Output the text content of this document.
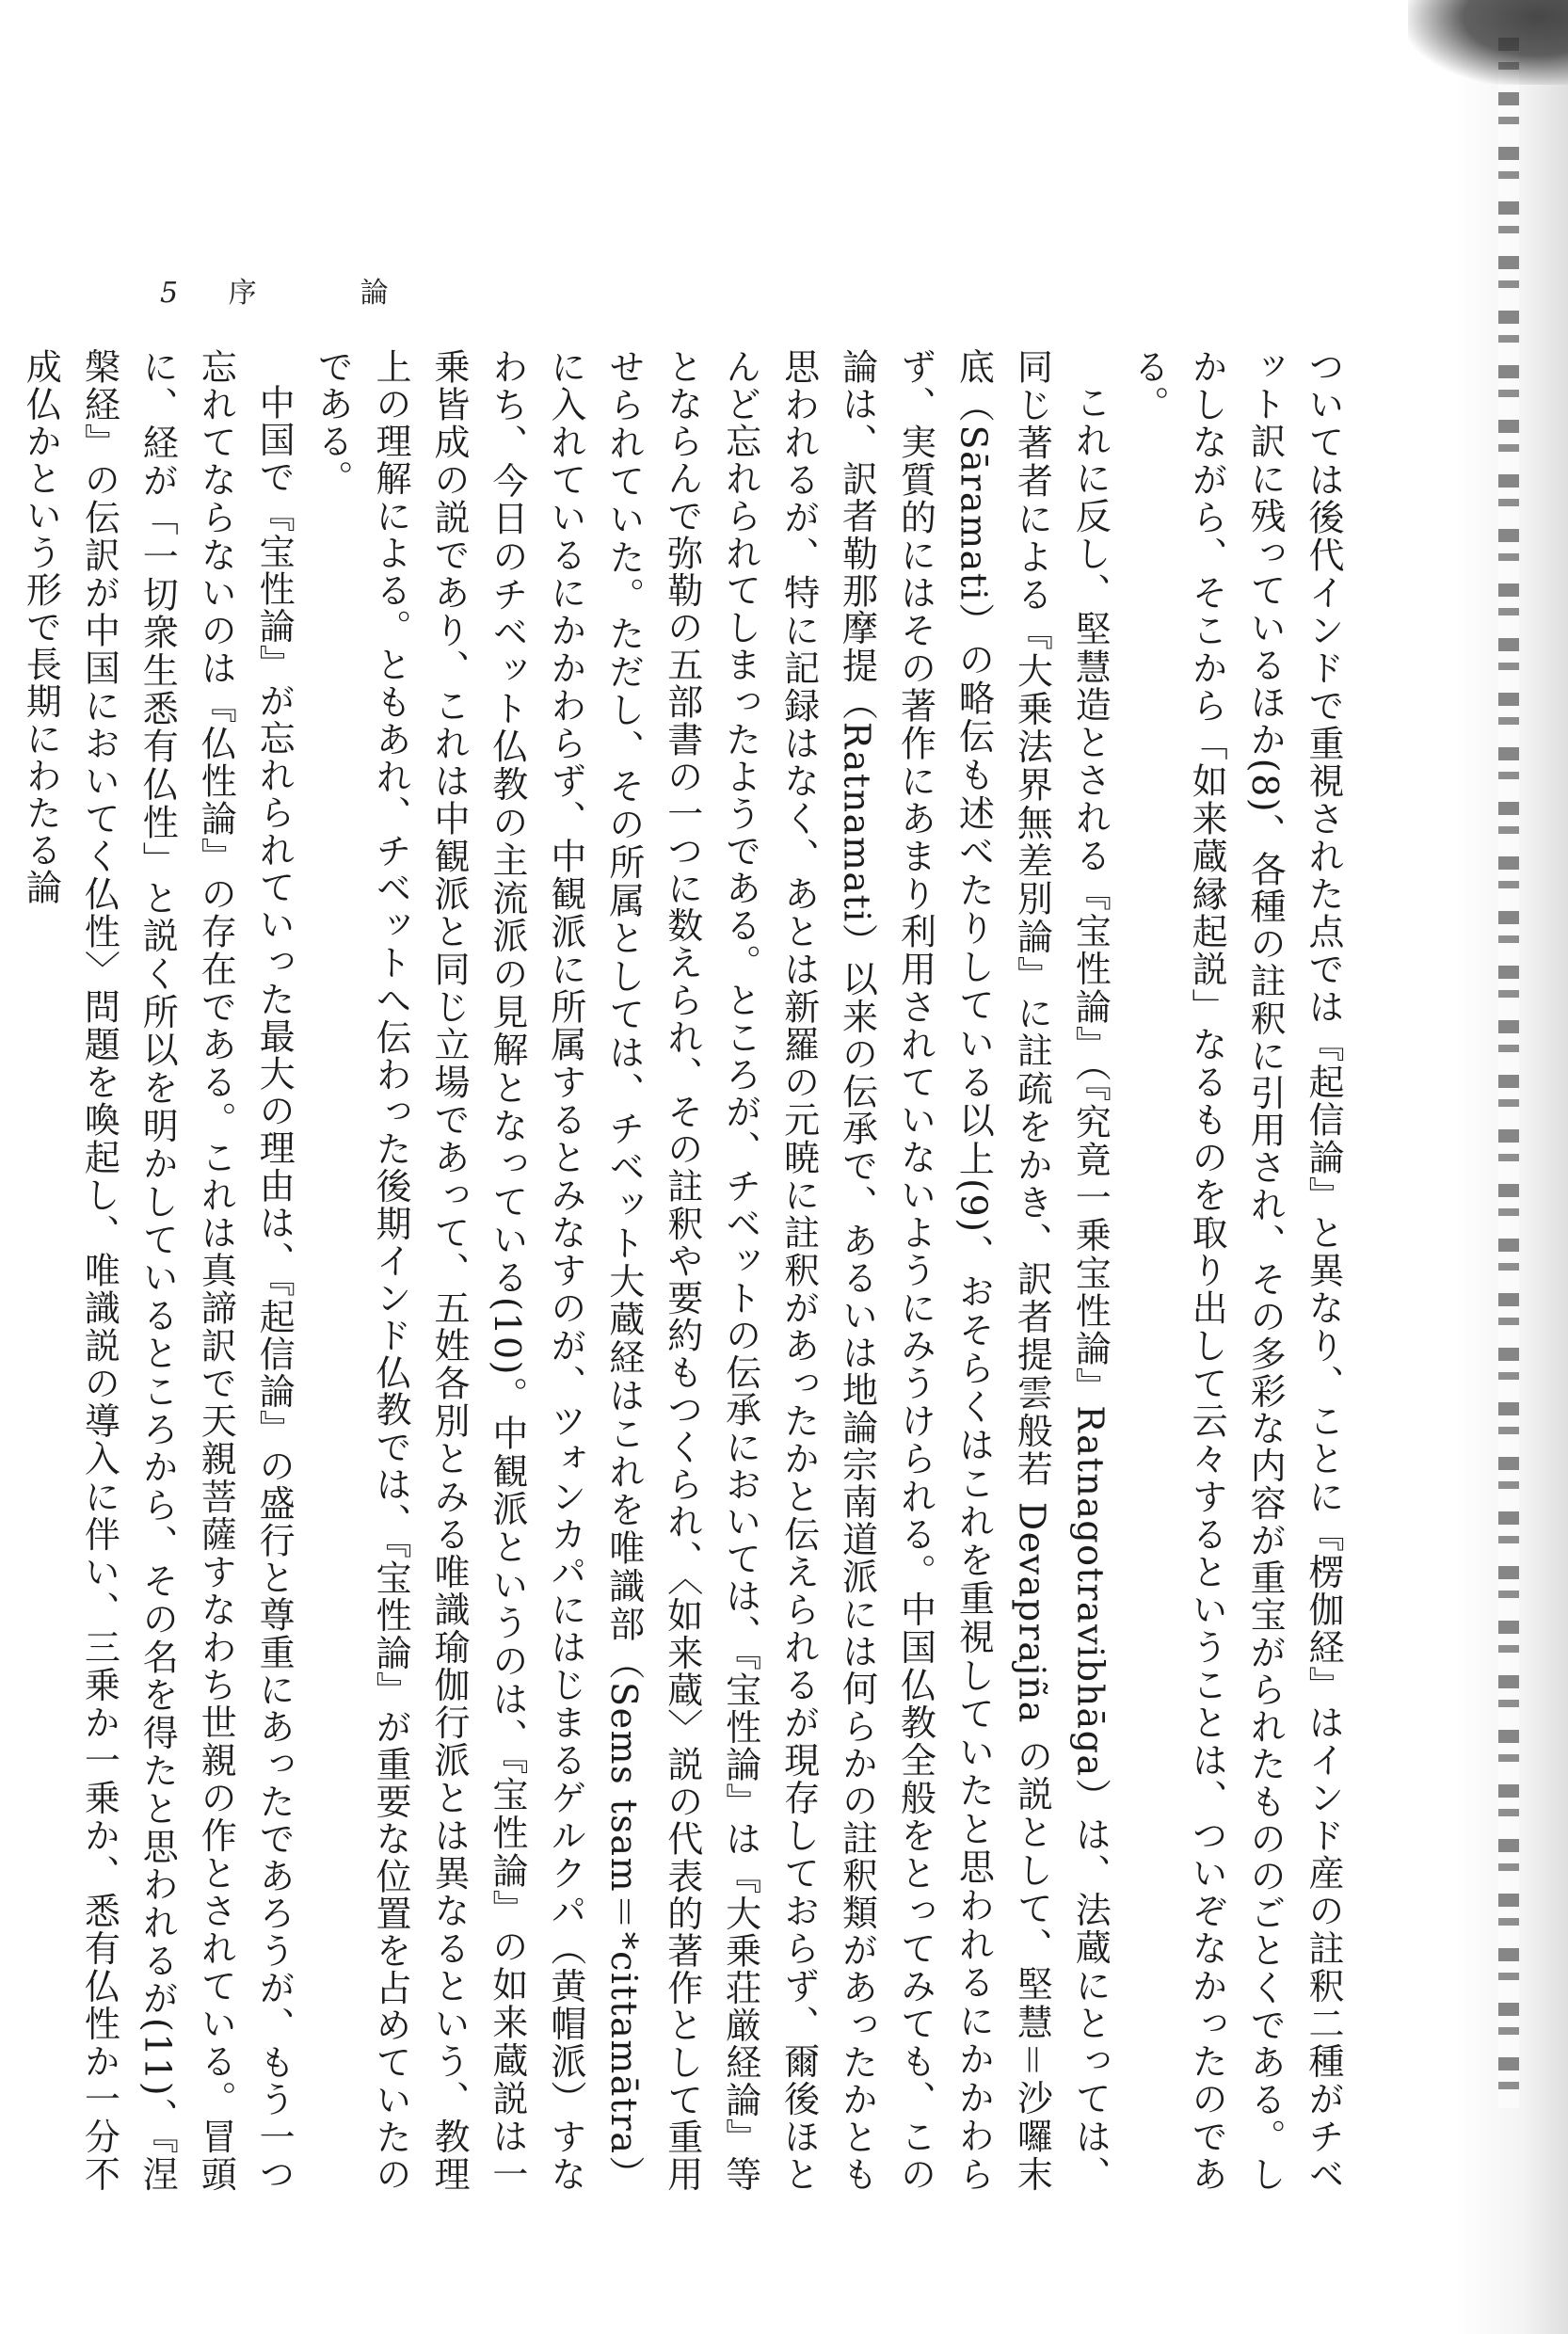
5 序論

ついては後代インドで重視された点では『起信論』と異なり、ことに『楞伽経』はインド産の註釈二種がチベット訳に残っているほか(8)、各種の註釈に引用され、その多彩な内容が重宝がられたもののごとくである。しかしながら、そこから「如来蔵縁起説」なるものを取り出して云々するということは、ついぞなかったのである。

これに反し、堅慧造とされる『宝性論』（『究竟一乗宝性論』Ratnagotravibhāga）は、法蔵にとっては、同じ著者による『大乗法界無差別論』に註疏をかき、訳者提雲般若 Devaprajña の説として、堅慧＝沙囉末底（Sāramati）の略伝も述べたりしている以上(9)、おそらくはこれを重視していたと思われるにかかわらず、実質的にはその著作にあまり利用されていないようにみうけられる。中国仏教全般をとってみても、この論は、訳者勒那摩提（Ratnamati）以来の伝承で、あるいは地論宗南道派には何らかの註釈類があったかとも思われるが、特に記録はなく、あとは新羅の元暁に註釈があったかと伝えられるが現存しておらず、爾後ほとんど忘れられてしまったようである。ところが、チベットの伝承においては、『宝性論』は『大乗荘厳経論』等とならんで弥勒の五部書の一つに数えられ、その註釈や要約もつくられ、〈如来蔵〉説の代表的著作として重用せられていた。ただし、その所属としては、チベット大蔵経はこれを唯識部（Sems tsam＝*cittamātra）に入れているにかかわらず、中観派に所属するとみなすのが、ツォンカパにはじまるゲルクパ（黄帽派）すなわち、今日のチベット仏教の主流派の見解となっている(10)。中観派というのは、『宝性論』の如来蔵説は一乗皆成の説であり、これは中観派と同じ立場であって、五姓各別とみる唯識瑜伽行派とは異なるという、教理上の理解による。ともあれ、チベットへ伝わった後期インド仏教では、『宝性論』が重要な位置を占めていたのである。

中国で『宝性論』が忘れられていった最大の理由は、『起信論』の盛行と尊重にあったであろうが、もう一つ忘れてならないのは『仏性論』の存在である。これは真諦訳で天親菩薩すなわち世親の作とされている。冒頭に、経が「一切衆生悉有仏性」と説く所以を明かしているところから、その名を得たと思われるが(11)、『涅槃経』の伝訳が中国においてく仏性〉問題を喚起し、唯識説の導入に伴い、三乗か一乗か、悉有仏性か一分不成仏かという形で長期にわたる論
